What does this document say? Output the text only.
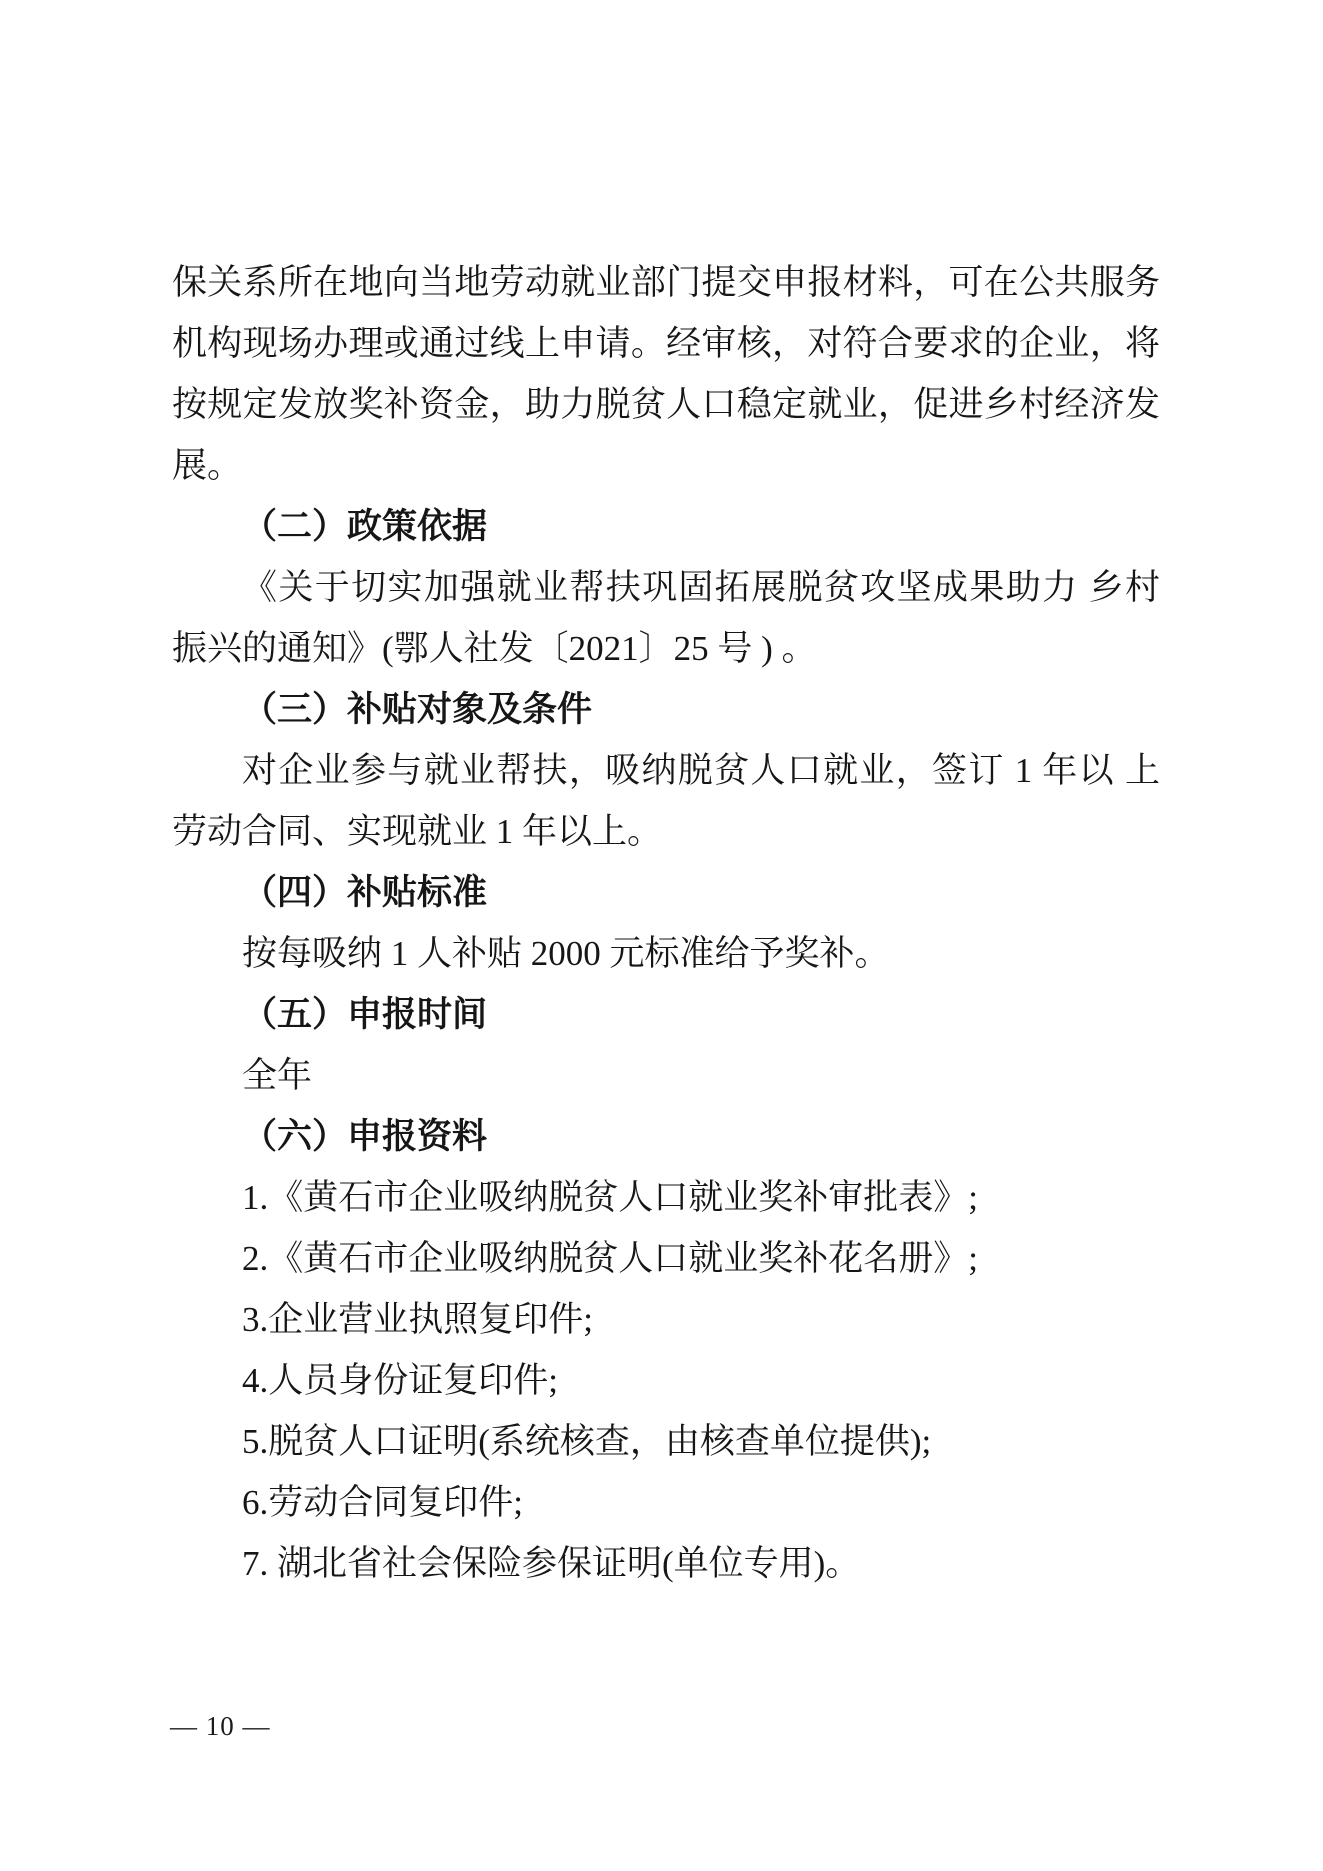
保关系所在地向当地劳动就业部门提交申报材料，可在公共服务
机构现场办理或通过线上申请。经审核，对符合要求的企业，将
按规定发放奖补资金，助力脱贫人口稳定就业，促进乡村经济发
展。
（二）政策依据
《关于切实加强就业帮扶巩固拓展脱贫攻坚成果助力 乡村
振兴的通知》(鄂人社发〔2021〕25 号 ) 。
（三）补贴对象及条件
对企业参与就业帮扶，吸纳脱贫人口就业，签订 1 年以 上
劳动合同、实现就业 1 年以上。
（四）补贴标准
按每吸纳 1 人补贴 2000 元标准给予奖补。
（五）申报时间
全年
（六）申报资料
1.《黄石市企业吸纳脱贫人口就业奖补审批表》;
2.《黄石市企业吸纳脱贫人口就业奖补花名册》;
3.企业营业执照复印件;
4.人员身份证复印件;
5.脱贫人口证明(系统核查，由核查单位提供);
6.劳动合同复印件;
7. 湖北省社会保险参保证明(单位专用)。
— 10 —
